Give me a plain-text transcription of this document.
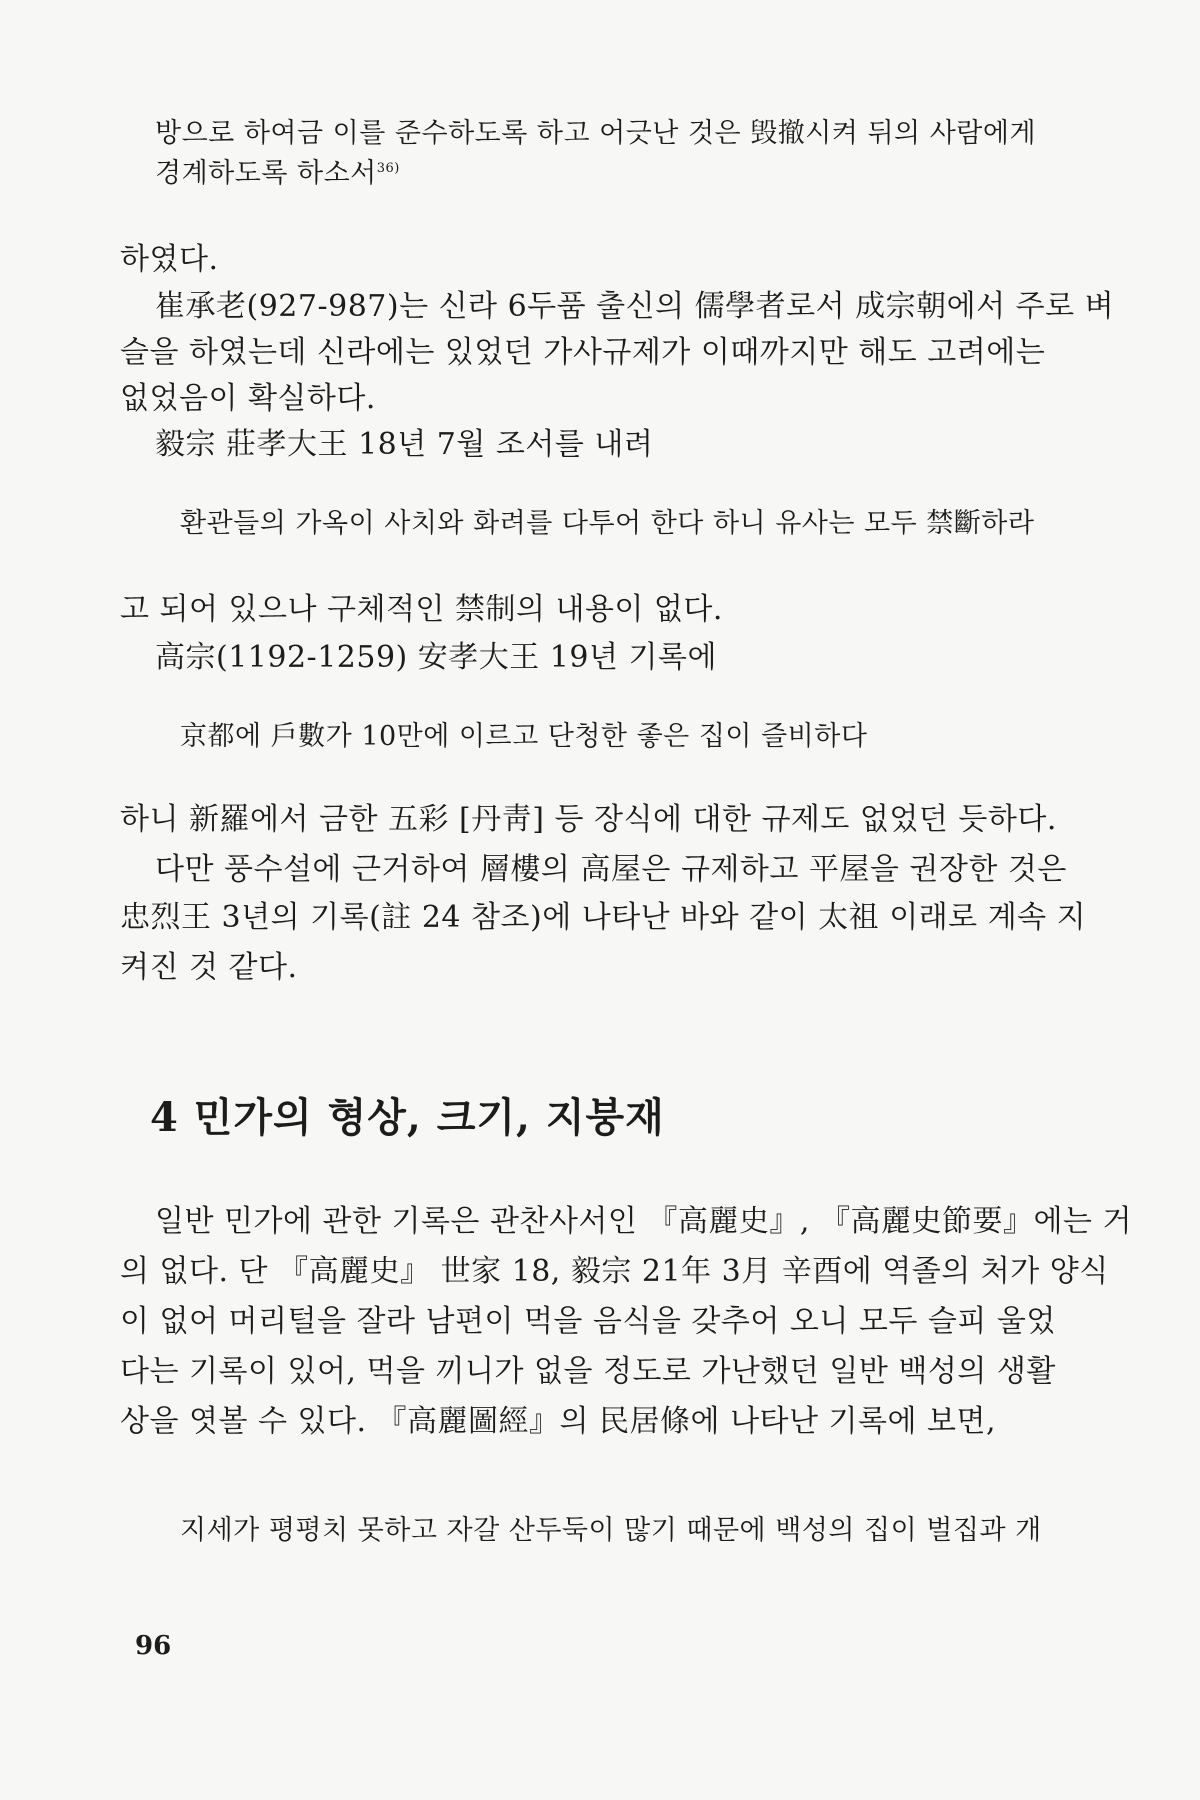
방으로 하여금 이를 준수하도록 하고 어긋난 것은 毁撤시켜 뒤의 사람에게
경계하도록 하소서$^{36)}$
하였다.
崔承老(927-987)는 신라 6두품 출신의 儒學者로서 成宗朝에서 주로 벼
슬을 하였는데 신라에는 있었던 가사규제가 이때까지만 해도 고려에는
없었음이 확실하다.
毅宗 莊孝大王 18년 7월 조서를 내려
환관들의 가옥이 사치와 화려를 다투어 한다 하니 유사는 모두 禁斷하라
고 되어 있으나 구체적인 禁制의 내용이 없다.
高宗(1192-1259) 安孝大王 19년 기록에
京都에 戶數가 10만에 이르고 단청한 좋은 집이 즐비하다
하니 新羅에서 금한 五彩 [丹靑] 등 장식에 대한 규제도 없었던 듯하다.
다만 풍수설에 근거하여 層樓의 高屋은 규제하고 平屋을 권장한 것은
忠烈王 3년의 기록(註 24 참조)에 나타난 바와 같이 太祖 이래로 계속 지
켜진 것 같다.
4 민가의 형상, 크기, 지붕재
일반 민가에 관한 기록은 관찬사서인 『高麗史』, 『高麗史節要』에는 거
의 없다. 단 『高麗史』 世家 18, 毅宗 21年 3月 辛酉에 역졸의 처가 양식
이 없어 머리털을 잘라 남편이 먹을 음식을 갖추어 오니 모두 슬피 울었
다는 기록이 있어, 먹을 끼니가 없을 정도로 가난했던 일반 백성의 생활
상을 엿볼 수 있다. 『高麗圖經』의 民居條에 나타난 기록에 보면,
지세가 평평치 못하고 자갈 산두둑이 많기 때문에 백성의 집이 벌집과 개
96
